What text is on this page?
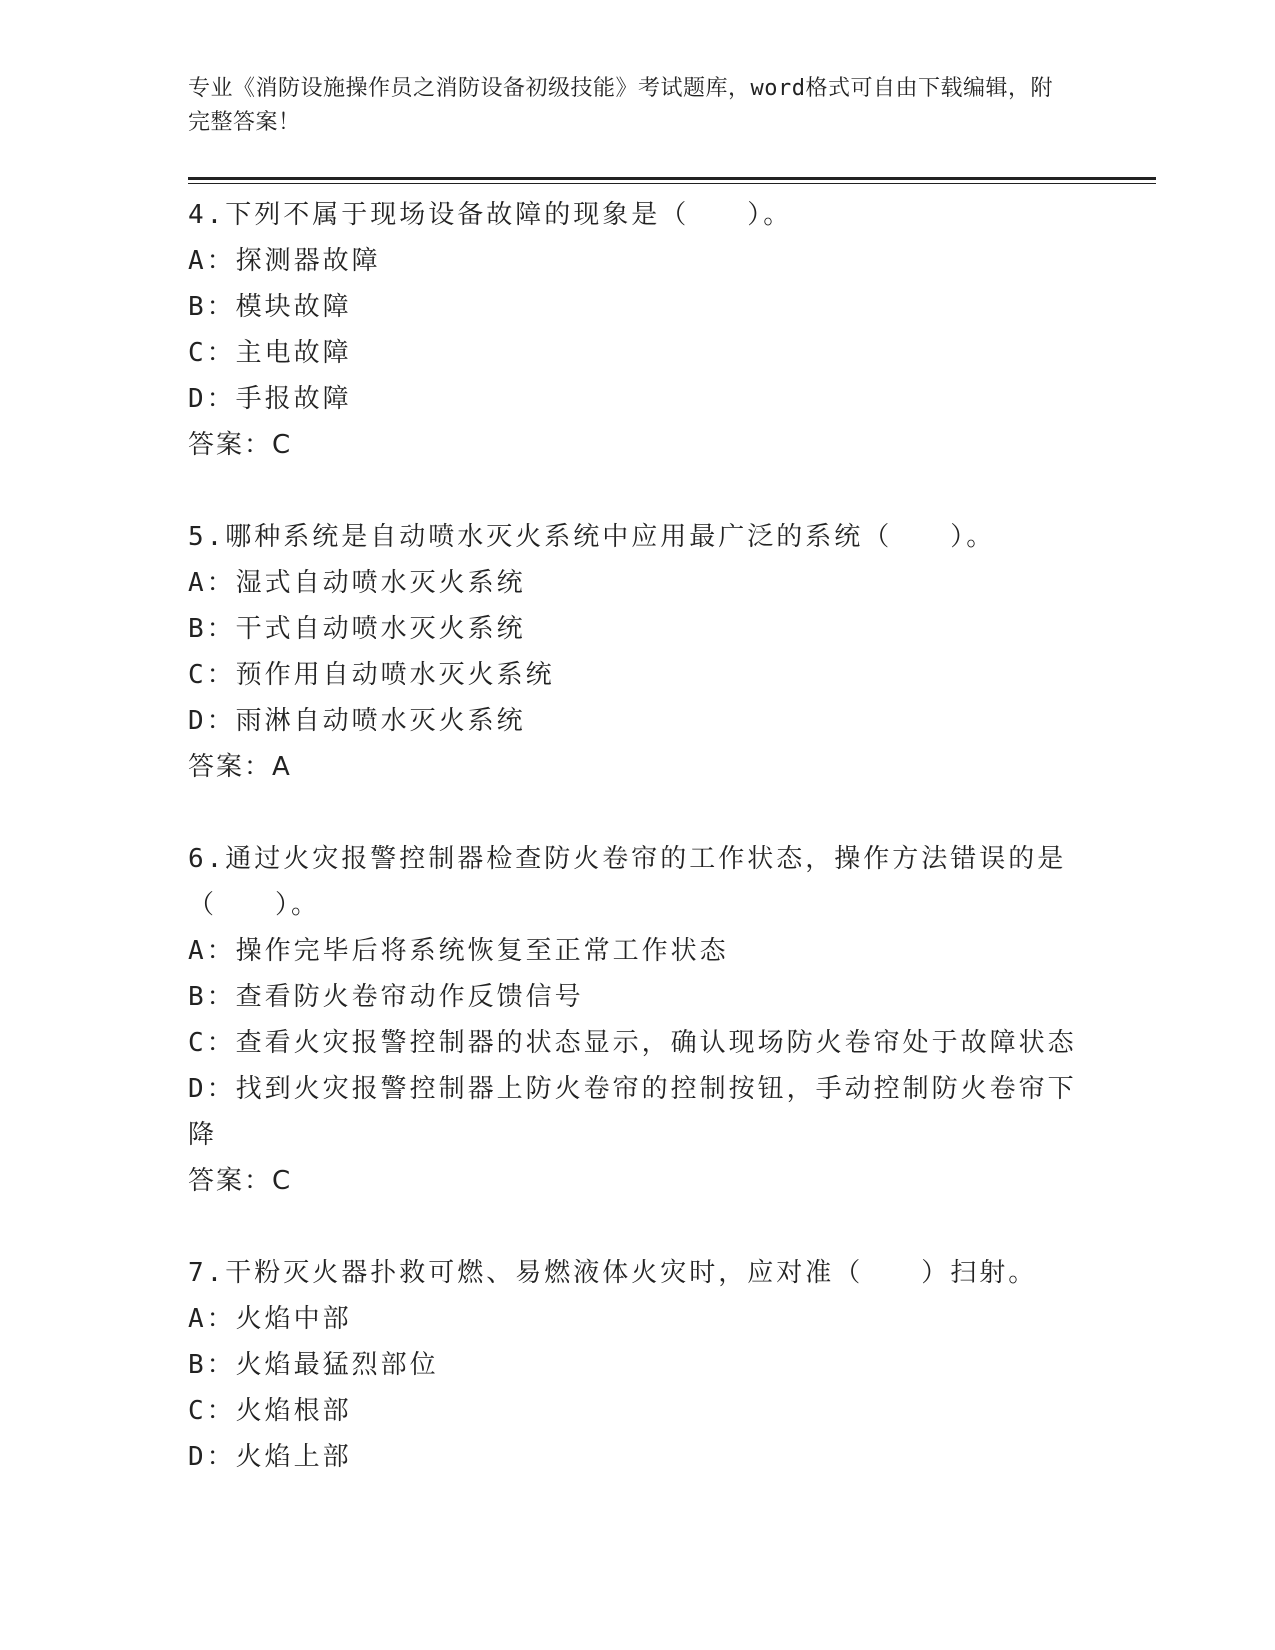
专业《消防设施操作员之消防设备初级技能》考试题库，word格式可自由下载编辑，附完整答案！

4.下列不属于现场设备故障的现象是（　　）。

A：探测器故障

B：模块故障

C：主电故障

D：手报故障

答案：C

5.哪种系统是自动喷水灭火系统中应用最广泛的系统（　　）。

A：湿式自动喷水灭火系统

B：干式自动喷水灭火系统

C：预作用自动喷水灭火系统

D：雨淋自动喷水灭火系统

答案：A

6.通过火灾报警控制器检查防火卷帘的工作状态，操作方法错误的是（　　）。

A：操作完毕后将系统恢复至正常工作状态

B：查看防火卷帘动作反馈信号

C：查看火灾报警控制器的状态显示，确认现场防火卷帘处于故障状态

D：找到火灾报警控制器上防火卷帘的控制按钮，手动控制防火卷帘下降

答案：C

7.干粉灭火器扑救可燃、易燃液体火灾时，应对准（　　）扫射。

A：火焰中部

B：火焰最猛烈部位

C：火焰根部

D：火焰上部
